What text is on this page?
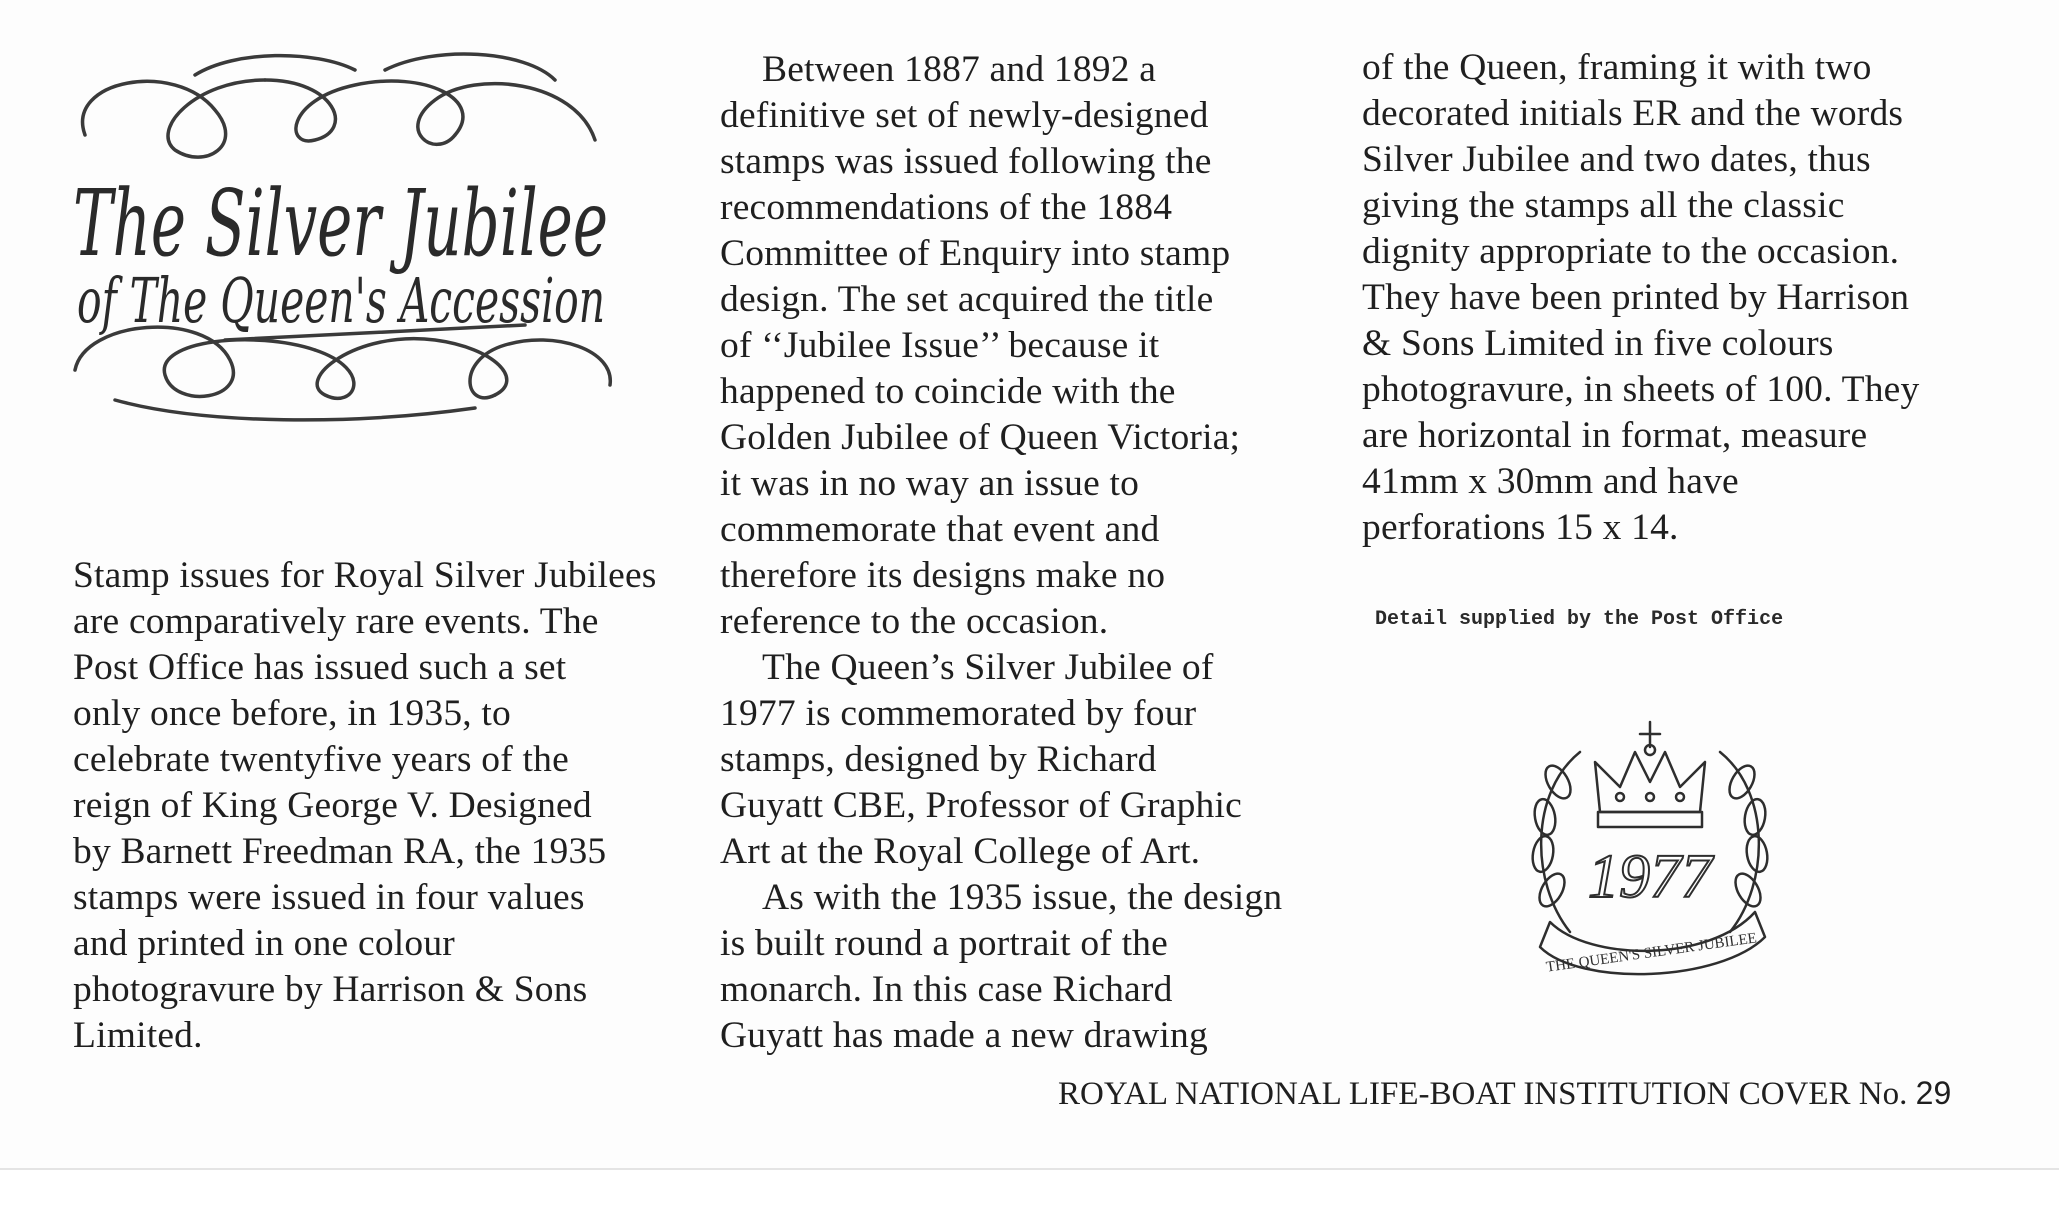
The Silver Jubilee
of The Queen's Accession
Stamp issues for Royal Silver Jubilees
are comparatively rare events. The
Post Office has issued such a set
only once before, in 1935, to
celebrate twentyfive years of the
reign of King George V. Designed
by Barnett Freedman RA, the 1935
stamps were issued in four values
and printed in one colour
photogravure by Harrison & Sons
Limited.
Between 1887 and 1892 a
definitive set of newly-designed
stamps was issued following the
recommendations of the 1884
Committee of Enquiry into stamp
design. The set acquired the title
of ‘‘Jubilee Issue’’ because it
happened to coincide with the
Golden Jubilee of Queen Victoria;
it was in no way an issue to
commemorate that event and
therefore its designs make no
reference to the occasion.
The Queen’s Silver Jubilee of
1977 is commemorated by four
stamps, designed by Richard
Guyatt CBE, Professor of Graphic
Art at the Royal College of Art.
As with the 1935 issue, the design
is built round a portrait of the
monarch. In this case Richard
Guyatt has made a new drawing
of the Queen, framing it with two
decorated initials ER and the words
Silver Jubilee and two dates, thus
giving the stamps all the classic
dignity appropriate to the occasion.
They have been printed by Harrison
& Sons Limited in five colours
photogravure, in sheets of 100. They
are horizontal in format, measure
41mm x 30mm and have
perforations 15 x 14.
Detail supplied by the Post Office
1977
THE QUEEN'S SILVER JUBILEE
ROYAL NATIONAL LIFE-BOAT INSTITUTION COVER No. 29
